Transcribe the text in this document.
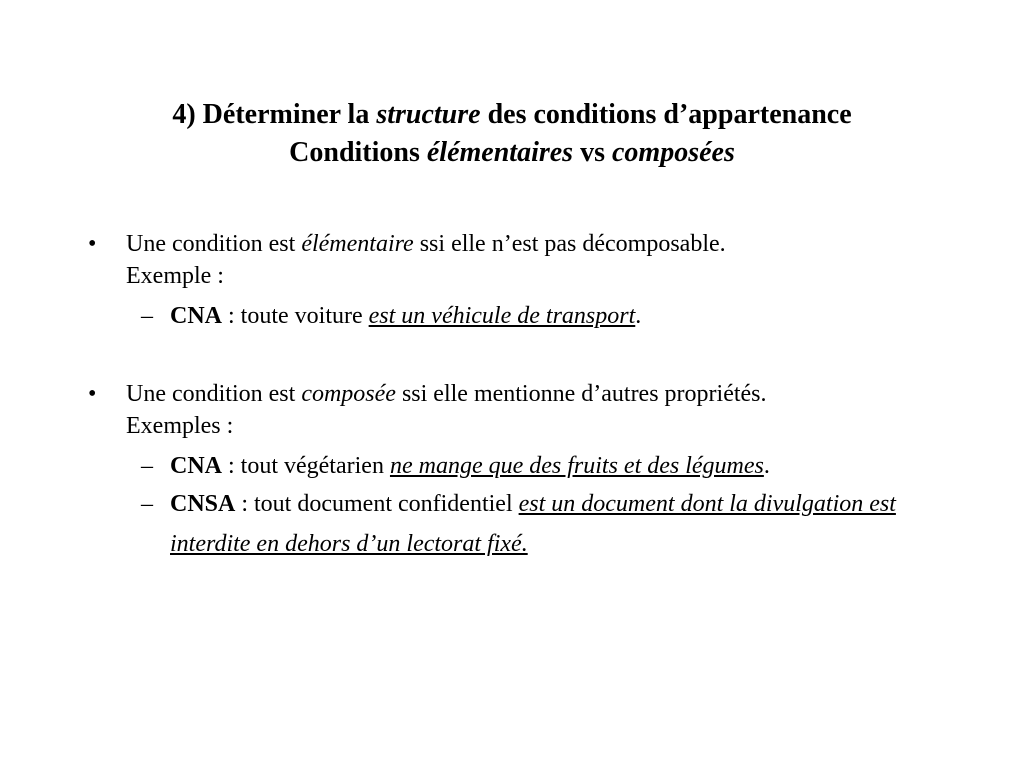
4) Déterminer la structure des conditions d’appartenance
Conditions élémentaires vs composées
• Une condition est élémentaire ssi elle n’est pas décomposable.
Exemple :
– CNA : toute voiture est un véhicule de transport.
• Une condition est composée ssi elle mentionne d’autres propriétés.
Exemples :
– CNA : tout végétarien ne mange que des fruits et des légumes.
– CNSA : tout document confidentiel est un document dont la divulgation est interdite en dehors d’un lectorat fixé.
